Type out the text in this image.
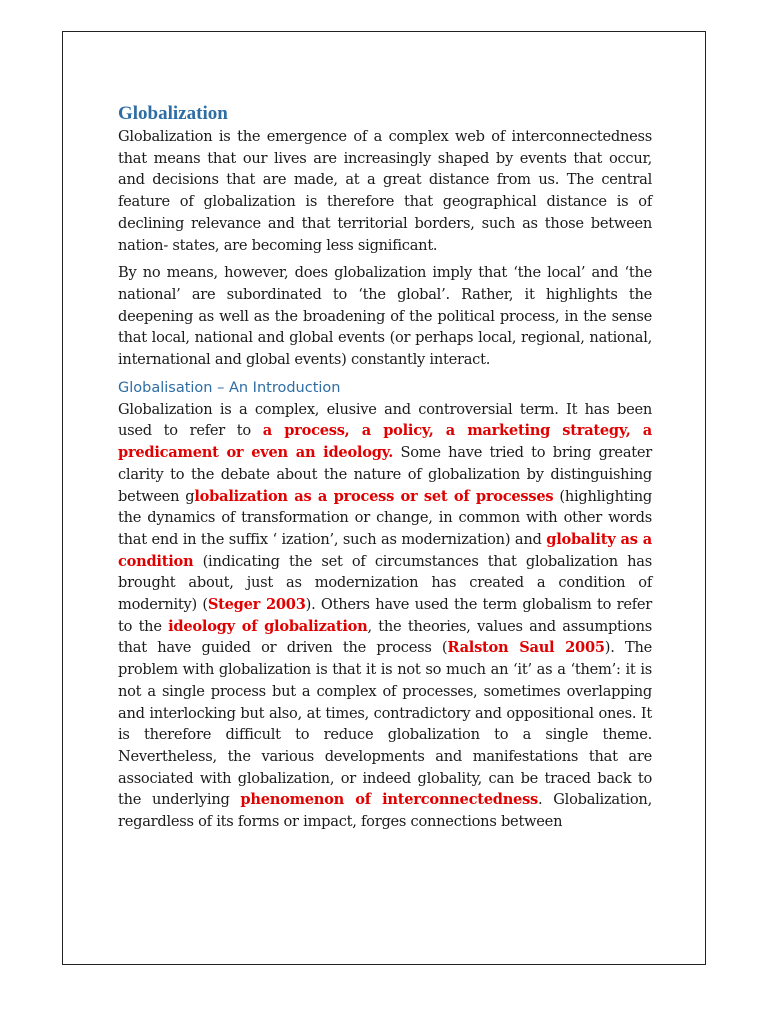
Globalization

Globalization is the emergence of a complex web of interconnectedness that means that our lives are increasingly shaped by events that occur, and decisions that are made, at a great distance from us. The central feature of globalization is therefore that geographical distance is of declining relevance and that territorial borders, such as those between nation- states, are becoming less significant.

By no means, however, does globalization imply that ‘the local’ and ‘the national’ are subordinated to ‘the global’. Rather, it highlights the deepening as well as the broadening of the political process, in the sense that local, national and global events (or perhaps local, regional, national, international and global events) constantly interact.

Globalisation – An Introduction

Globalization is a complex, elusive and controversial term. It has been used to refer to a process, a policy, a marketing strategy, a predicament or even an ideology. Some have tried to bring greater clarity to the debate about the nature of globalization by distinguishing between globalization as a process or set of processes (highlighting the dynamics of transformation or change, in common with other words that end in the suffix ‘ ization’, such as modernization) and globality as a condition (indicating the set of circumstances that globalization has brought about, just as modernization has created a condition of modernity) (Steger 2003). Others have used the term globalism to refer to the ideology of globalization, the theories, values and assumptions that have guided or driven the process (Ralston Saul 2005). The problem with globalization is that it is not so much an ‘it’ as a ‘them’: it is not a single process but a complex of processes, sometimes overlapping and interlocking but also, at times, contradictory and oppositional ones. It is therefore difficult to reduce globalization to a single theme. Nevertheless, the various developments and manifestations that are associated with globalization, or indeed globality, can be traced back to the underlying phenomenon of interconnectedness. Globalization, regardless of its forms or impact, forges connections between
